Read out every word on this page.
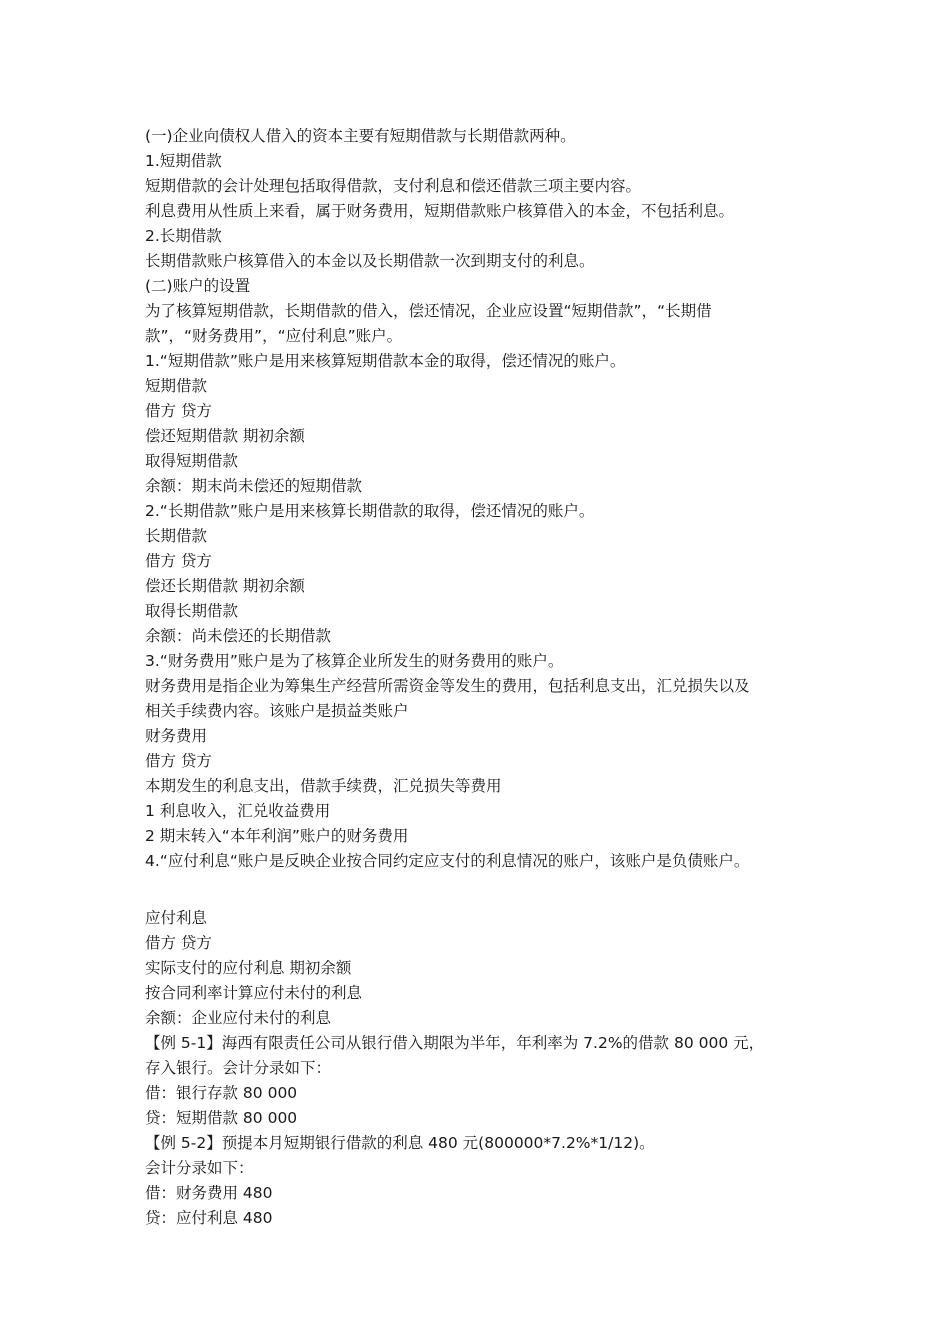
(一)企业向债权人借入的资本主要有短期借款与长期借款两种。
1.短期借款
短期借款的会计处理包括取得借款，支付利息和偿还借款三项主要内容。
利息费用从性质上来看，属于财务费用，短期借款账户核算借入的本金，不包括利息。
2.长期借款
长期借款账户核算借入的本金以及长期借款一次到期支付的利息。
(二)账户的设置
为了核算短期借款，长期借款的借入，偿还情况，企业应设置“短期借款”，“长期借
款”，“财务费用”，“应付利息”账户。
1.“短期借款”账户是用来核算短期借款本金的取得，偿还情况的账户。
短期借款
借方 贷方
偿还短期借款 期初余额
取得短期借款
余额：期末尚未偿还的短期借款
2.“长期借款”账户是用来核算长期借款的取得，偿还情况的账户。
长期借款
借方 贷方
偿还长期借款 期初余额
取得长期借款
余额：尚未偿还的长期借款
3.“财务费用”账户是为了核算企业所发生的财务费用的账户。
财务费用是指企业为筹集生产经营所需资金等发生的费用，包括利息支出，汇兑损失以及
相关手续费内容。该账户是损益类账户
财务费用
借方 贷方
本期发生的利息支出，借款手续费，汇兑损失等费用
1 利息收入，汇兑收益费用
2 期末转入“本年利润”账户的财务费用
4.“应付利息“账户是反映企业按合同约定应支付的利息情况的账户，该账户是负债账户。
应付利息
借方 贷方
实际支付的应付利息 期初余额
按合同利率计算应付未付的利息
余额：企业应付未付的利息
【例 5-1】海西有限责任公司从银行借入期限为半年，年利率为 7.2%的借款 80 000 元，
存入银行。会计分录如下：
借：银行存款 80 000
贷：短期借款 80 000
【例 5-2】预提本月短期银行借款的利息 480 元(800000*7.2%*1/12)。
会计分录如下：
借：财务费用 480
贷：应付利息 480
